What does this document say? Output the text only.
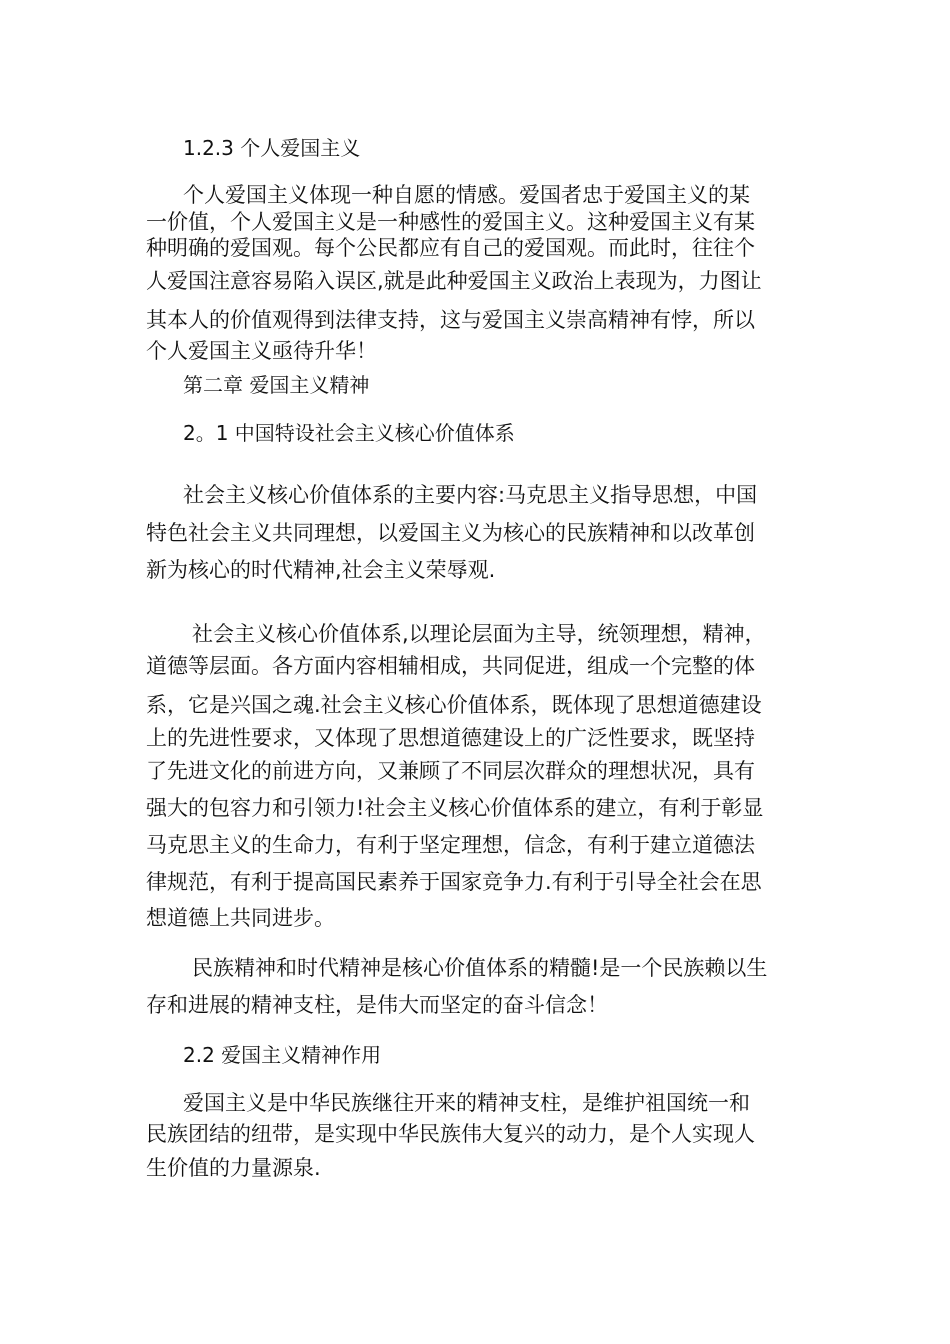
1.2.3 个人爱国主义
个人爱国主义体现一种自愿的情感。爱国者忠于爱国主义的某
一价值，个人爱国主义是一种感性的爱国主义。这种爱国主义有某
种明确的爱国观。每个公民都应有自己的爱国观。而此时，往往个
人爱国注意容易陷入误区,就是此种爱国主义政治上表现为，力图让
其本人的价值观得到法律支持，这与爱国主义崇高精神有悖，所以
个人爱国主义亟待升华！
第二章 爱国主义精神
2。1 中国特设社会主义核心价值体系
社会主义核心价值体系的主要内容:马克思主义指导思想，中国
特色社会主义共同理想，以爱国主义为核心的民族精神和以改革创
新为核心的时代精神,社会主义荣辱观.
社会主义核心价值体系,以理论层面为主导，统领理想，精神，
道德等层面。各方面内容相辅相成，共同促进，组成一个完整的体
系，它是兴国之魂.社会主义核心价值体系，既体现了思想道德建设
上的先进性要求，又体现了思想道德建设上的广泛性要求，既坚持
了先进文化的前进方向，又兼顾了不同层次群众的理想状况，具有
强大的包容力和引领力!社会主义核心价值体系的建立，有利于彰显
马克思主义的生命力，有利于坚定理想，信念，有利于建立道德法
律规范，有利于提高国民素养于国家竞争力.有利于引导全社会在思
想道德上共同进步。
民族精神和时代精神是核心价值体系的精髓!是一个民族赖以生
存和进展的精神支柱，是伟大而坚定的奋斗信念！
2.2 爱国主义精神作用
爱国主义是中华民族继往开来的精神支柱，是维护祖国统一和
民族团结的纽带，是实现中华民族伟大复兴的动力，是个人实现人
生价值的力量源泉.
